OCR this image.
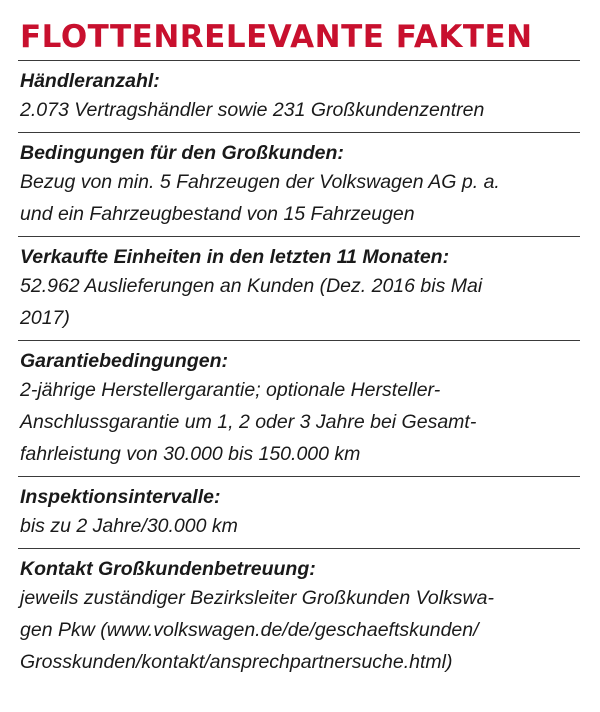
FLOTTENRELEVANTE FAKTEN
Händleranzahl:
2.073 Vertragshändler sowie 231 Großkundenzentren
Bedingungen für den Großkunden:
Bezug von min. 5 Fahrzeugen der Volkswagen AG p. a.
und ein Fahrzeugbestand von 15 Fahrzeugen
Verkaufte Einheiten in den letzten 11 Monaten:
52.962 Auslieferungen an Kunden (Dez. 2016 bis Mai
2017)
Garantiebedingungen:
2-jährige Herstellergarantie; optionale Hersteller-
Anschlussgarantie um 1, 2 oder 3 Jahre bei Gesamt-
fahrleistung von 30.000 bis 150.000 km
Inspektionsintervalle:
bis zu 2 Jahre/30.000 km
Kontakt Großkundenbetreuung:
jeweils zuständiger Bezirksleiter Großkunden Volkswa-
gen Pkw (www.volkswagen.de/de/geschaeftskunden/
Grosskunden/kontakt/ansprechpartnersuche.html)
